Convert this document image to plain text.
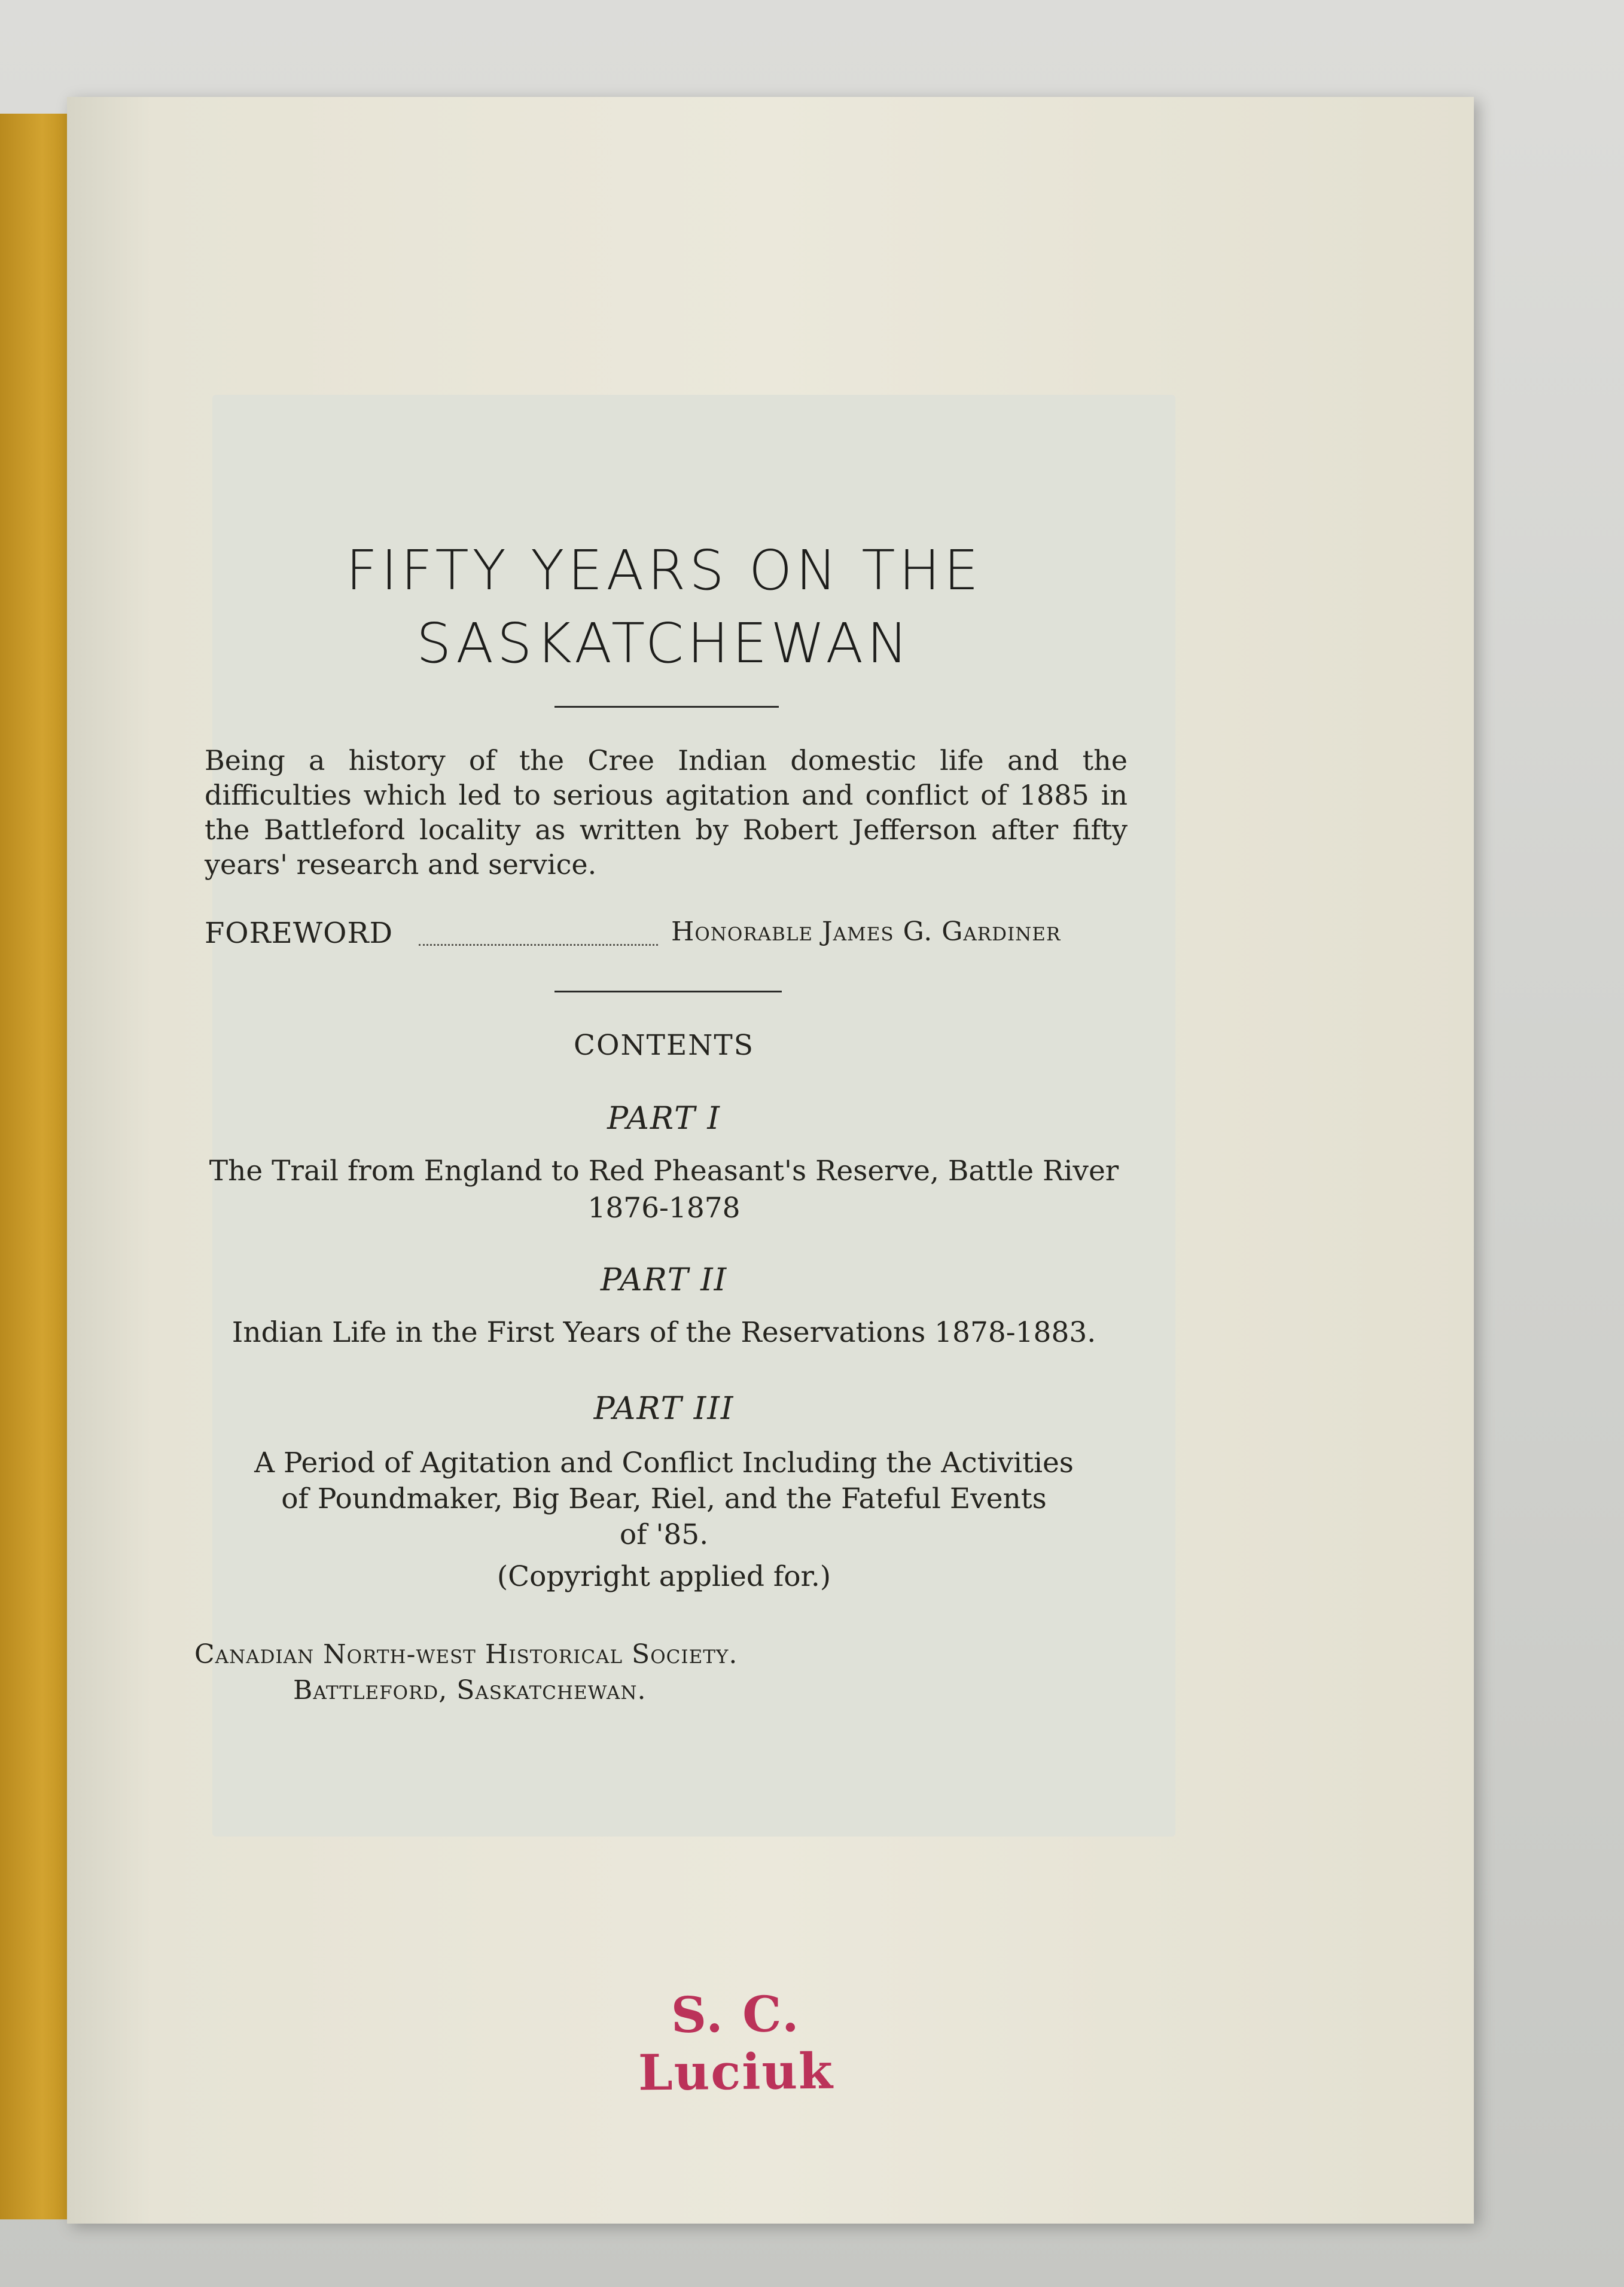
FIFTY YEARS ON THE
SASKATCHEWAN
Being a history of the Cree Indian domestic life and the difficulties which led to serious agitation and conflict of 1885 in the Battleford locality as written by Robert Jefferson after fifty years' research and service.
FOREWORD	Honorable James G. Gardiner
CONTENTS
PART I
The Trail from England to Red Pheasant's Reserve, Battle River
1876-1878
PART II
Indian Life in the First Years of the Reservations 1878-1883.
PART III
A Period of Agitation and Conflict Including the Activities
of Poundmaker, Big Bear, Riel, and the Fateful Events
of '85.
(Copyright applied for.)
Canadian North-west Historical Society.
Battleford, Saskatchewan.
S. C. Luciuk
